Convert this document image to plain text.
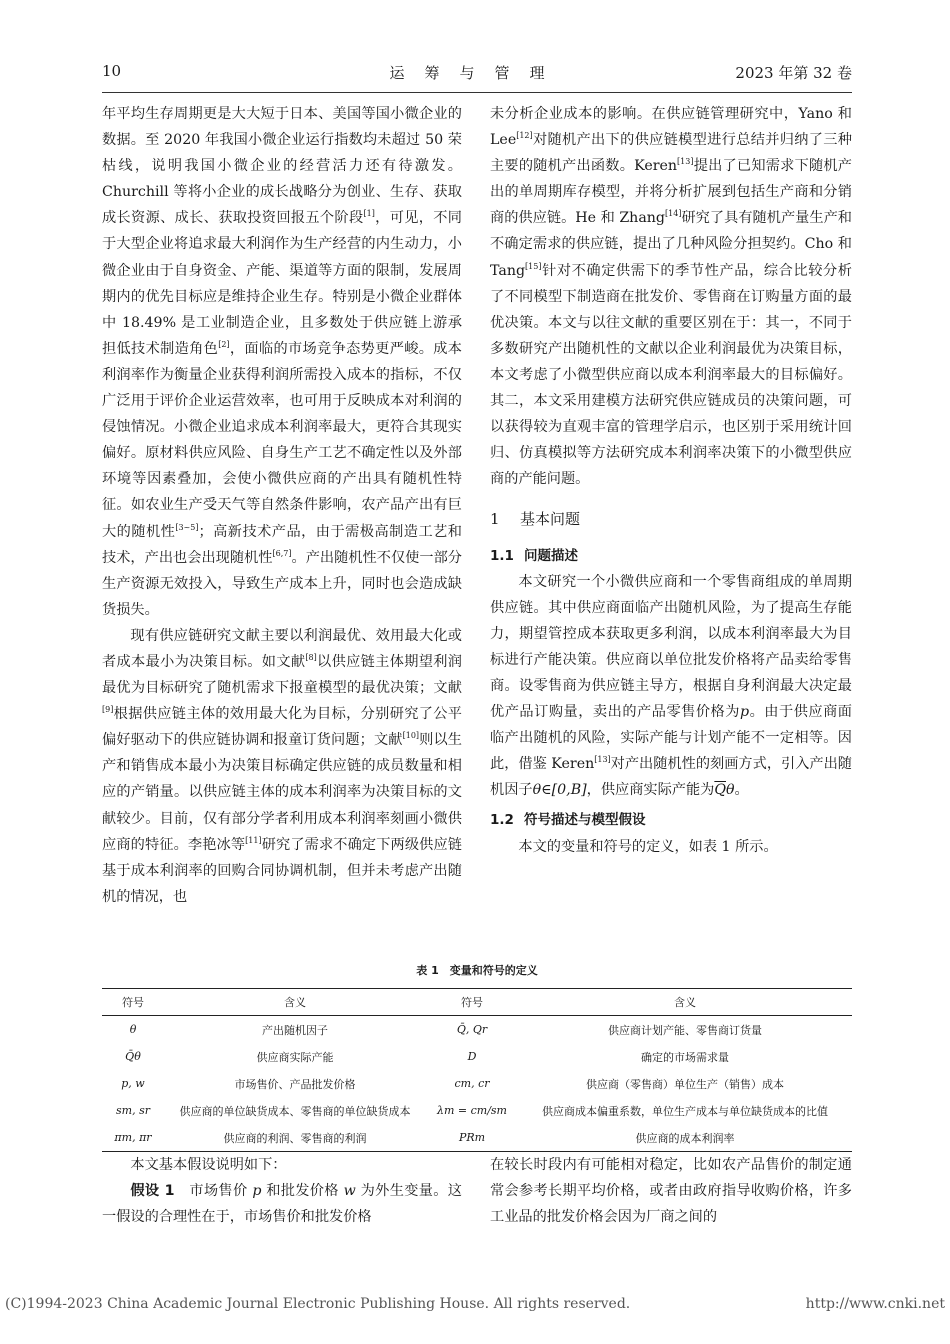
10	运筹与管理	2023 年第 32 卷

年平均生存周期更是大大短于日本、美国等国小微企业的数据。至 2020 年我国小微企业运行指数均未超过 50 荣枯线，说明我国小微企业的经营活力还有待激发。Churchill 等将小企业的成长战略分为创业、生存、获取成长资源、成长、获取投资回报五个阶段[1]，可见，不同于大型企业将追求最大利润作为生产经营的内生动力，小微企业由于自身资金、产能、渠道等方面的限制，发展周期内的优先目标应是维持企业生存。特别是小微企业群体中 18.49% 是工业制造企业，且多数处于供应链上游承担低技术制造角色[2]，面临的市场竞争态势更严峻。成本利润率作为衡量企业获得利润所需投入成本的指标，不仅广泛用于评价企业运营效率，也可用于反映成本对利润的侵蚀情况。小微企业追求成本利润率最大，更符合其现实偏好。原材料供应风险、自身生产工艺不确定性以及外部环境等因素叠加，会使小微供应商的产出具有随机性特征。如农业生产受天气等自然条件影响，农产品产出有巨大的随机性[3~5]；高新技术产品，由于需极高制造工艺和技术，产出也会出现随机性[6,7]。产出随机性不仅使一部分生产资源无效投入，导致生产成本上升，同时也会造成缺货损失。

现有供应链研究文献主要以利润最优、效用最大化或者成本最小为决策目标。如文献[8]以供应链主体期望利润最优为目标研究了随机需求下报童模型的最优决策；文献[9]根据供应链主体的效用最大化为目标，分别研究了公平偏好驱动下的供应链协调和报童订货问题；文献[10]则以生产和销售成本最小为决策目标确定供应链的成员数量和相应的产销量。以供应链主体的成本利润率为决策目标的文献较少。目前，仅有部分学者利用成本利润率刻画小微供应商的特征。李艳冰等[11]研究了需求不确定下两级供应链基于成本利润率的回购合同协调机制，但并未考虑产出随机的情况，也

未分析企业成本的影响。在供应链管理研究中，Yano 和 Lee[12]对随机产出下的供应链模型进行总结并归纳了三种主要的随机产出函数。Keren[13]提出了已知需求下随机产出的单周期库存模型，并将分析扩展到包括生产商和分销商的供应链。He 和 Zhang[14]研究了具有随机产量生产和不确定需求的供应链，提出了几种风险分担契约。Cho 和 Tang[15]针对不确定供需下的季节性产品，综合比较分析了不同模型下制造商在批发价、零售商在订购量方面的最优决策。本文与以往文献的重要区别在于：其一，不同于多数研究产出随机性的文献以企业利润最优为决策目标，本文考虑了小微型供应商以成本利润率最大的目标偏好。其二，本文采用建模方法研究供应链成员的决策问题，可以获得较为直观丰富的管理学启示，也区别于采用统计回归、仿真模拟等方法研究成本利润率决策下的小微型供应商的产能问题。

1 基本问题
1.1 问题描述

本文研究一个小微供应商和一个零售商组成的单周期供应链。其中供应商面临产出随机风险，为了提高生存能力，期望管控成本获取更多利润，以成本利润率最大为目标进行产能决策。供应商以单位批发价格将产品卖给零售商。设零售商为供应链主导方，根据自身利润最大决定最优产品订购量，卖出的产品零售价格为p。由于供应商面临产出随机的风险，实际产能与计划产能不一定相等。因此，借鉴 Keren[13]对产出随机性的刻画方式，引入产出随机因子θ∈[0,B]，供应商实际产能为$\overline{Q}\theta$。

1.2 符号描述与模型假设

本文的变量和符号的定义，如表 1 所示。

表 1　变量和符号的定义
符号	含义	符号	含义
θ	产出随机因子	Q̄, Qr	供应商计划产能、零售商订货量
Q̄θ	供应商实际产能	D	确定的市场需求量
p, w	市场售价、产品批发价格	cm, cr	供应商（零售商）单位生产（销售）成本
sm, sr	供应商的单位缺货成本、零售商的单位缺货成本	λm = cm/sm	供应商成本偏重系数，单位生产成本与单位缺货成本的比值
πm, πr	供应商的利润、零售商的利润	PRm	供应商的成本利润率

本文基本假设说明如下：

假设 1　 市场售价 p 和批发价格 w 为外生变量。这一假设的合理性在于，市场售价和批发价格

在较长时段内有可能相对稳定，比如农产品售价的制定通常会参考长期平均价格，或者由政府指导收购价格，许多工业品的批发价格会因为厂商之间的

(C)1994-2023 China Academic Journal Electronic Publishing House. All rights reserved.	http://www.cnki.net
